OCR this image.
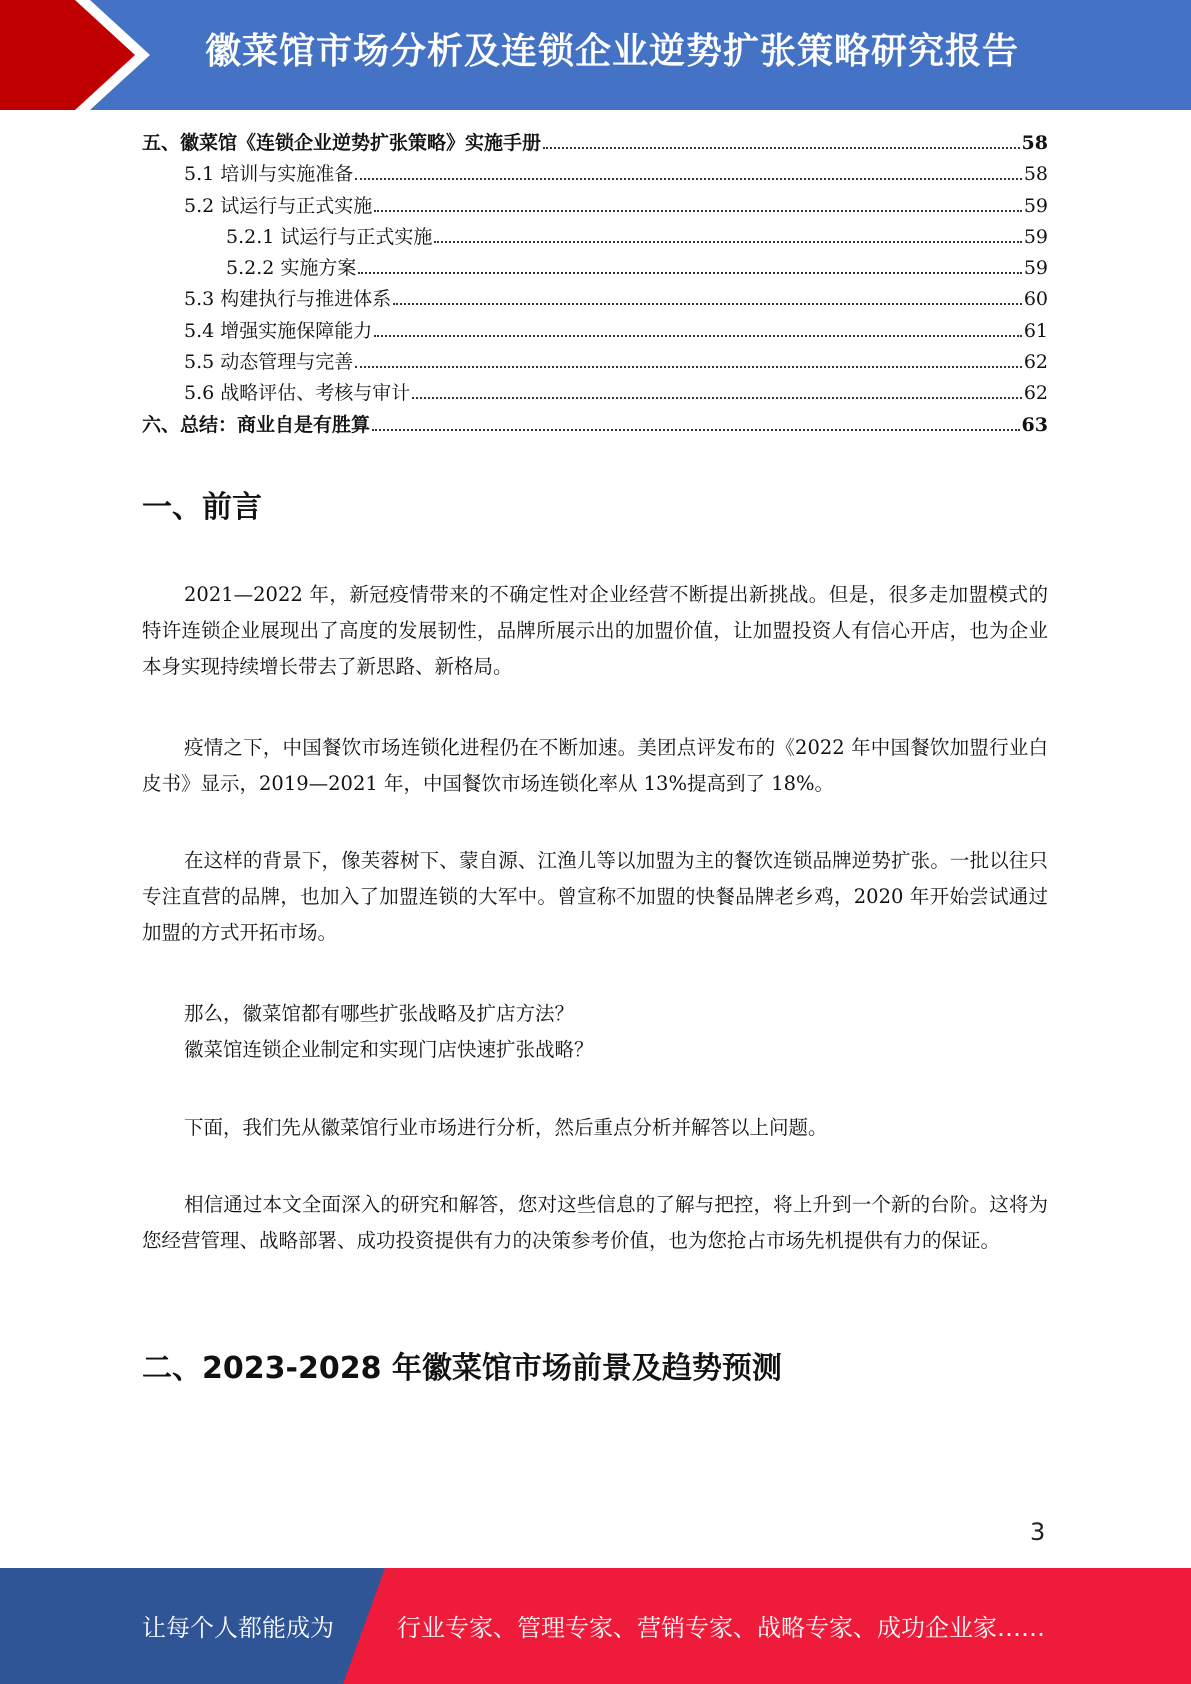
徽菜馆市场分析及连锁企业逆势扩张策略研究报告
五、徽菜馆《连锁企业逆势扩张策略》实施手册	58
5.1 培训与实施准备	58
5.2 试运行与正式实施	59
5.2.1 试运行与正式实施	59
5.2.2 实施方案	59
5.3 构建执行与推进体系	60
5.4 增强实施保障能力	61
5.5 动态管理与完善	62
5.6 战略评估、考核与审计	62
六、总结：商业自是有胜算	63
一、前言

2021—2022 年，新冠疫情带来的不确定性对企业经营不断提出新挑战。但是，很多走加盟模式的特许连锁企业展现出了高度的发展韧性，品牌所展示出的加盟价值，让加盟投资人有信心开店，也为企业本身实现持续增长带去了新思路、新格局。

疫情之下，中国餐饮市场连锁化进程仍在不断加速。美团点评发布的《2022 年中国餐饮加盟行业白皮书》显示，2019—2021 年，中国餐饮市场连锁化率从 13%提高到了 18%。

在这样的背景下，像芙蓉树下、蒙自源、江渔儿等以加盟为主的餐饮连锁品牌逆势扩张。一批以往只专注直营的品牌，也加入了加盟连锁的大军中。曾宣称不加盟的快餐品牌老乡鸡，2020 年开始尝试通过加盟的方式开拓市场。

那么，徽菜馆都有哪些扩张战略及扩店方法？

徽菜馆连锁企业制定和实现门店快速扩张战略？

下面，我们先从徽菜馆行业市场进行分析，然后重点分析并解答以上问题。

相信通过本文全面深入的研究和解答，您对这些信息的了解与把控，将上升到一个新的台阶。这将为您经营管理、战略部署、成功投资提供有力的决策参考价值，也为您抢占市场先机提供有力的保证。

二、2023-2028 年徽菜馆市场前景及趋势预测
3
让每个人都能成为	行业专家、管理专家、营销专家、战略专家、成功企业家……
